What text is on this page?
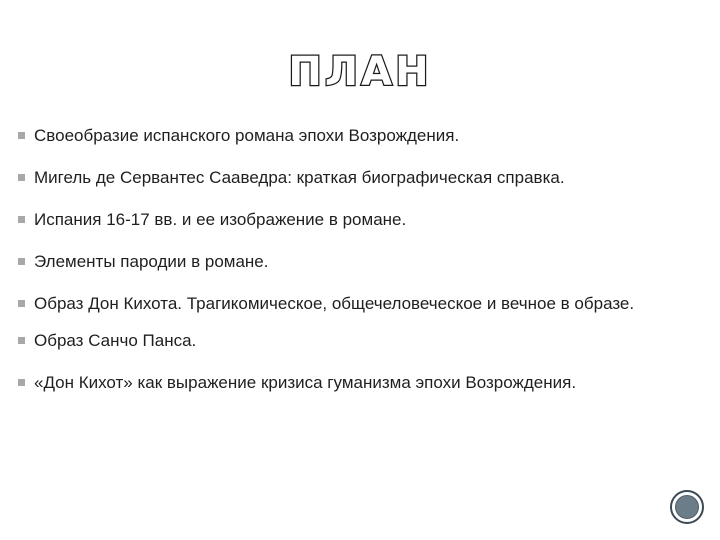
ПЛАН
Своеобразие испанского романа эпохи Возрождения.
Мигель де Сервантес Сааведра: краткая биографическая справка.
Испания 16-17 вв. и ее изображение в романе.
Элементы пародии в романе.
Образ Дон Кихота. Трагикомическое, общечеловеческое и вечное в образе.
Образ Санчо Панса.
«Дон Кихот» как выражение кризиса гуманизма эпохи Возрождения.
